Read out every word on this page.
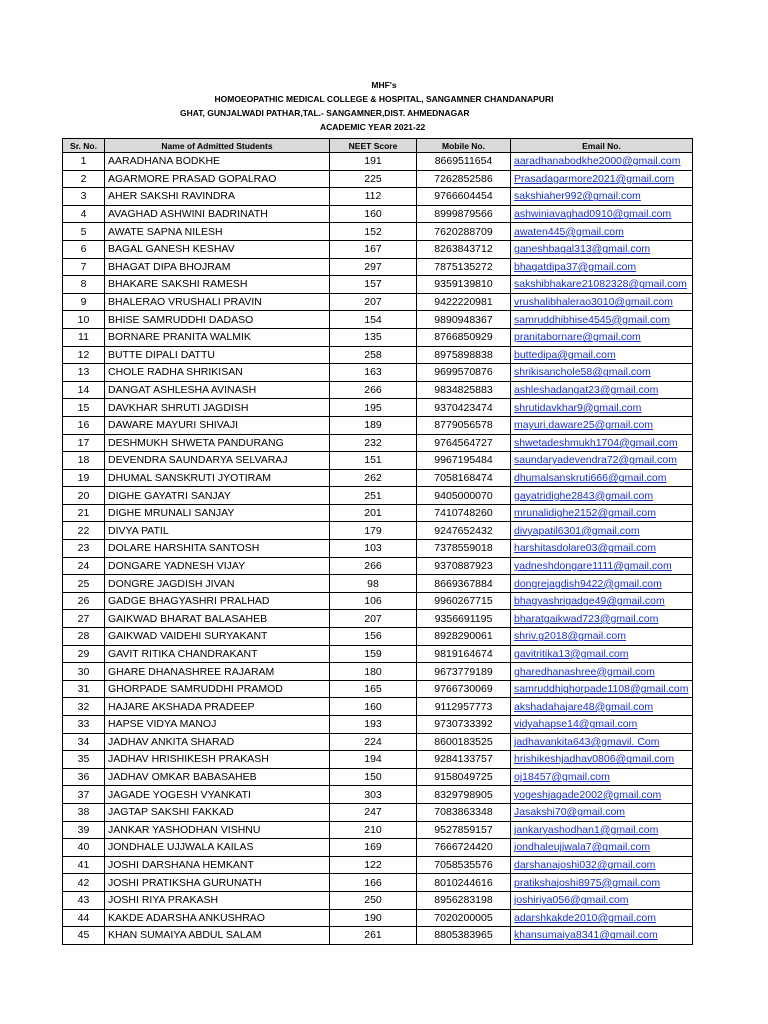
MHF's
HOMOEOPATHIC MEDICAL COLLEGE & HOSPITAL, SANGAMNER CHANDANAPURI
GHAT, GUNJALWADI PATHAR,TAL.- SANGAMNER,DIST. AHMEDNAGAR
ACADEMIC YEAR 2021-22
Sr. No.	Name of Admitted Students	NEET Score	Mobile No.	Email No.
1	AARADHANA BODKHE	191	8669511654	aaradhanabodkhe2000@gmail.com
2	AGARMORE PRASAD GOPALRAO	225	7262852586	Prasadagarmore2021@gmail.com
3	AHER SAKSHI RAVINDRA	112	9766604454	sakshiaher992@gmail.com
4	AVAGHAD ASHWINI BADRINATH	160	8999879566	ashwiniavaghad0910@gmail.com
5	AWATE SAPNA NILESH	152	7620288709	awaten445@gmail.com
6	BAGAL GANESH KESHAV	167	8263843712	ganeshbagal313@gmail.com
7	BHAGAT DIPA BHOJRAM	297	7875135272	bhagatdipa37@gmail.com
8	BHAKARE SAKSHI RAMESH	157	9359139810	sakshibhakare21082328@gmail.com
9	BHALERAO VRUSHALI PRAVIN	207	9422220981	vrushalibhalerao3010@gmail.com
10	BHISE SAMRUDDHI DADASO	154	9890948367	samruddhibhise4545@gmail.com
11	BORNARE PRANITA WALMIK	135	8766850929	pranitabornare@gmail.com
12	BUTTE DIPALI DATTU	258	8975898838	buttedipa@gmail.com
13	CHOLE RADHA SHRIKISAN	163	9699570876	shrikisanchole58@gmail.com
14	DANGAT ASHLESHA AVINASH	266	9834825883	ashleshadangat23@gmail.com
15	DAVKHAR SHRUTI JAGDISH	195	9370423474	shrutidavkhar9@gmail.com
16	DAWARE MAYURI SHIVAJI	189	8779056578	mayuri.daware25@gmail.com
17	DESHMUKH SHWETA PANDURANG	232	9764564727	shwetadeshmukh1704@gmail.com
18	DEVENDRA SAUNDARYA SELVARAJ	151	9967195484	saundaryadevendra72@gmail.com
19	DHUMAL SANSKRUTI JYOTIRAM	262	7058168474	dhumalsanskruti666@gmail.com
20	DIGHE GAYATRI SANJAY	251	9405000070	gayatridighe2843@gmail.com
21	DIGHE MRUNALI SANJAY	201	7410748260	mrunalidighe2152@gmail.com
22	DIVYA PATIL	179	9247652432	divyapatil6301@gmail.com
23	DOLARE HARSHITA SANTOSH	103	7378559018	harshitasdolare03@gmail.com
24	DONGARE YADNESH VIJAY	266	9370887923	yadneshdongare1111@gmail.com
25	DONGRE JAGDISH JIVAN	98	8669367884	dongrejagdish9422@gmail.com
26	GADGE BHAGYASHRI PRALHAD	106	9960267715	bhagyashrigadge49@gmail.com
27	GAIKWAD BHARAT BALASAHEB	207	9356691195	bharatgaikwad723@gmail.com
28	GAIKWAD VAIDEHI SURYAKANT	156	8928290061	shriv.g2018@gmail.com
29	GAVIT RITIKA CHANDRAKANT	159	9819164674	gavitritika13@gmail.com
30	GHARE DHANASHREE RAJARAM	180	9673779189	gharedhanashree@gmail.com
31	GHORPADE SAMRUDDHI PRAMOD	165	9766730069	samruddhighorpade1108@gmail.com
32	HAJARE AKSHADA PRADEEP	160	9112957773	akshadahajare48@gmail.com
33	HAPSE VIDYA MANOJ	193	9730733392	vidyahapse14@gmail.com
34	JADHAV ANKITA SHARAD	224	8600183525	jadhavankita643@gmavil. Com
35	JADHAV HRISHIKESH PRAKASH	194	9284133757	hrishikeshjadhav0806@gmail.com
36	JADHAV OMKAR BABASAHEB	150	9158049725	oj18457@gmail.com
37	JAGADE YOGESH VYANKATI	303	8329798905	yogeshjagade2002@gmail.com
38	JAGTAP SAKSHI FAKKAD	247	7083863348	Jasakshi70@gmail.com
39	JANKAR YASHODHAN VISHNU	210	9527859157	jankaryashodhan1@gmail.com
40	JONDHALE UJJWALA KAILAS	169	7666724420	jondhaleujjwala7@gmail.com
41	JOSHI DARSHANA HEMKANT	122	7058535576	darshanajoshi032@gmail.com
42	JOSHI PRATIKSHA GURUNATH	166	8010244616	pratikshajoshi8975@gmail.com
43	JOSHI RIYA PRAKASH	250	8956283198	joshiriya056@gmail.com
44	KAKDE ADARSHA ANKUSHRAO	190	7020200005	adarshkakde2010@gmail.com
45	KHAN SUMAIYA ABDUL SALAM	261	8805383965	khansumaiya8341@gmail.com
